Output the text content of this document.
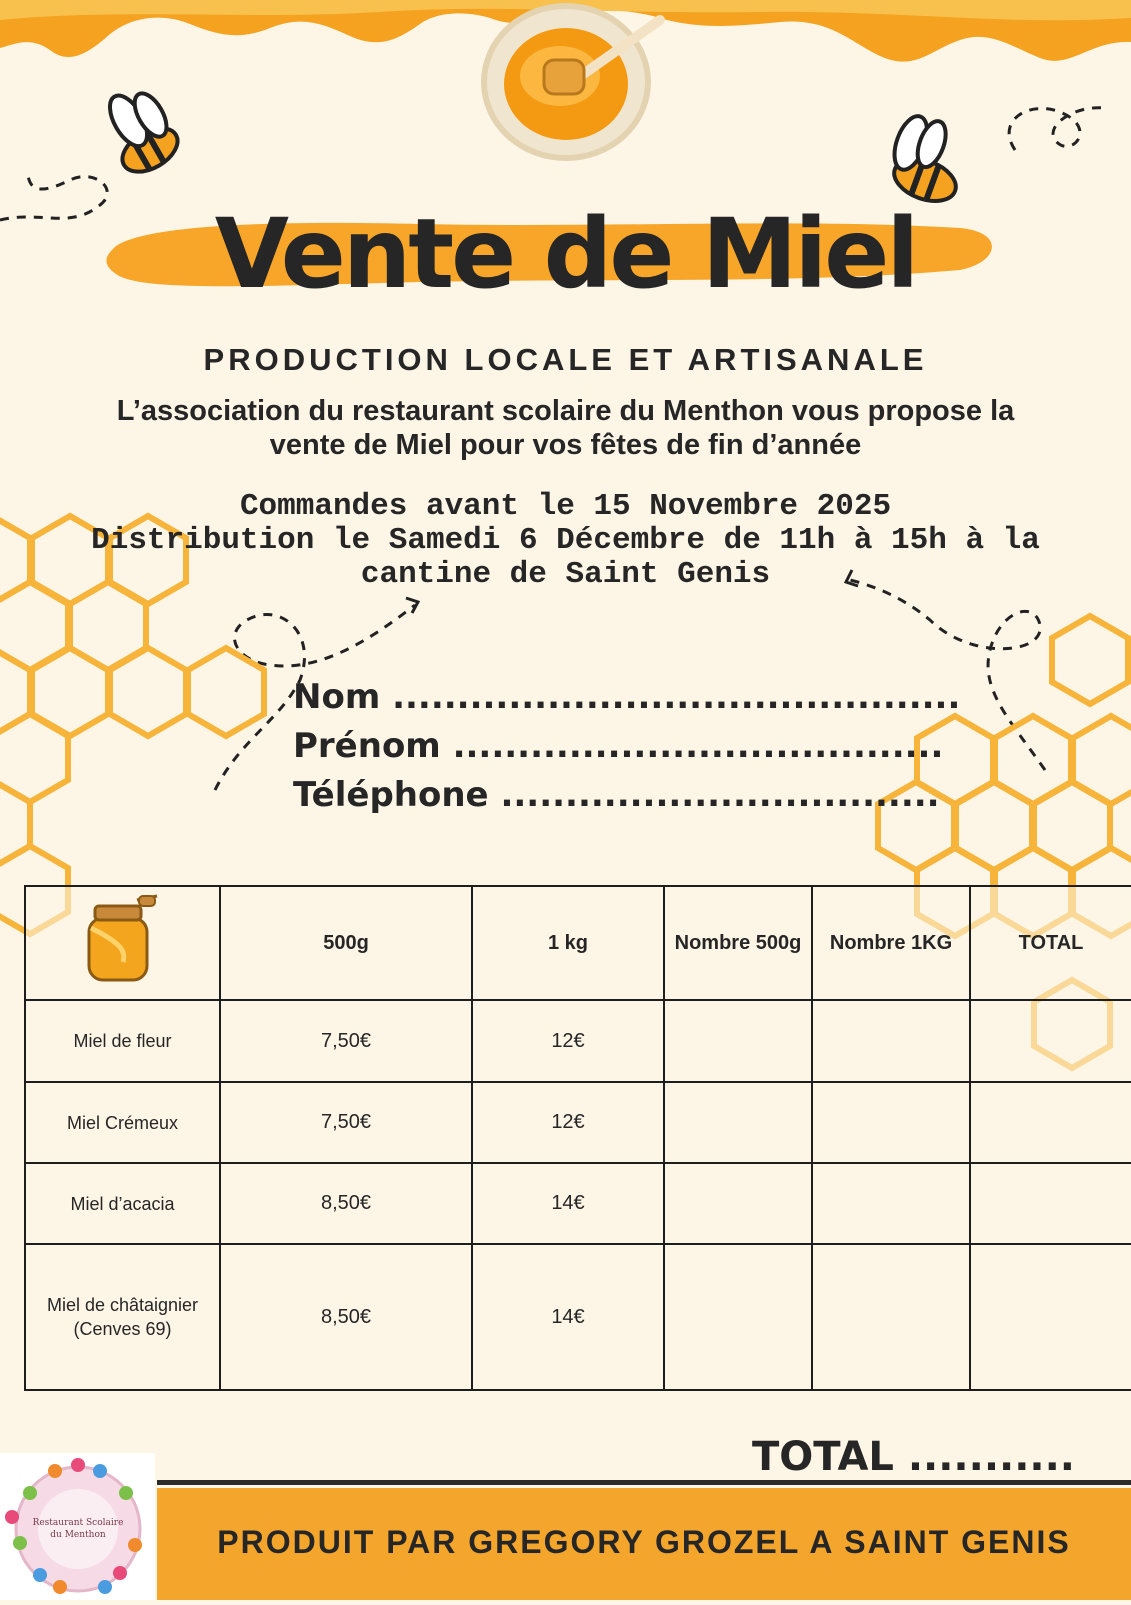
Vente de Miel
PRODUCTION LOCALE ET ARTISANALE
L’association du restaurant scolaire du Menthon vous propose la
vente de Miel pour vos fêtes de fin d’année
Commandes avant le 15 Novembre 2025
Distribution le Samedi 6 Décembre de 11h à 15h à la
cantine de Saint Genis
Nom ............................................
Prénom ......................................
Téléphone ..................................
	500g	1 kg	Nombre 500g	Nombre 1KG	TOTAL
Miel de fleur	7,50€	12€			
Miel Crémeux	7,50€	12€			
Miel d’acacia	8,50€	14€			
Miel de châtaignier (Cenves 69)	8,50€	14€			
TOTAL ...........
PRODUIT PAR GREGORY GROZEL A SAINT GENIS
Restaurant Scolaire
du Menthon
